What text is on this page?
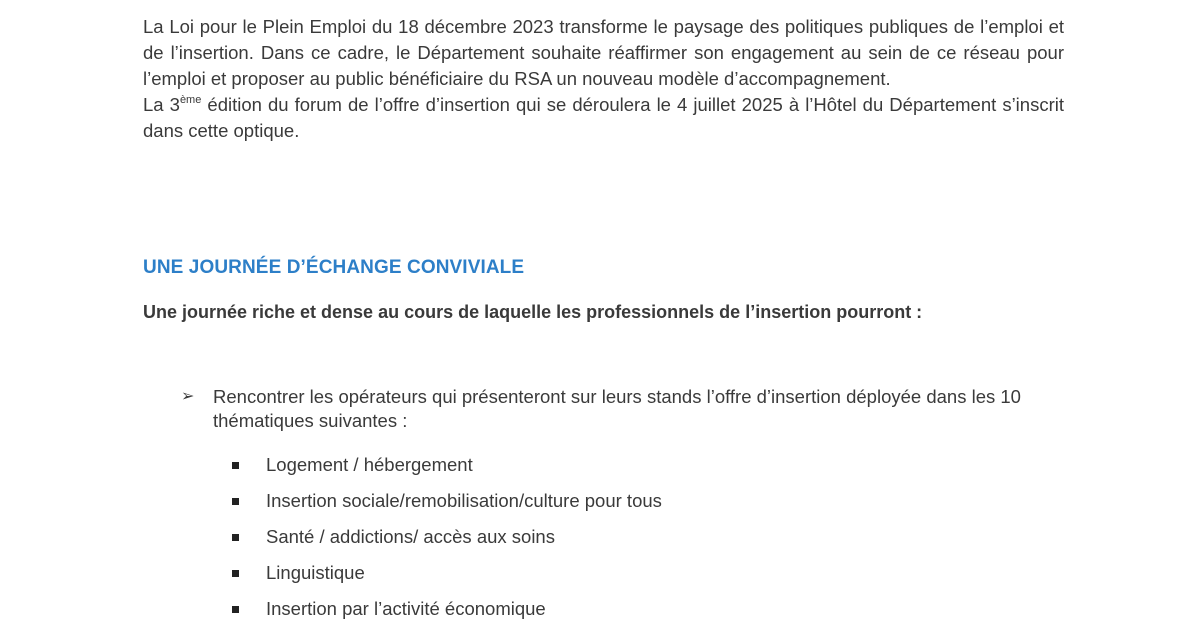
La Loi pour le Plein Emploi du 18 décembre 2023 transforme le paysage des politiques publiques de l’emploi et de l’insertion. Dans ce cadre, le Département souhaite réaffirmer son engagement au sein de ce réseau pour l’emploi et proposer au public bénéficiaire du RSA un nouveau modèle d’accompagnement.

La 3ème édition du forum de l’offre d’insertion qui se déroulera le 4 juillet 2025 à l’Hôtel du Département s’inscrit dans cette optique.

UNE JOURNÉE D’ÉCHANGE CONVIVIALE

Une journée riche et dense au cours de laquelle les professionnels de l’insertion pourront :

➢	Rencontrer les opérateurs qui présenteront sur leurs stands l’offre d’insertion déployée dans les 10 thématiques suivantes :

Logement / hébergement
Insertion sociale/remobilisation/culture pour tous
Santé / addictions/ accès aux soins
Linguistique
Insertion par l’activité économique
